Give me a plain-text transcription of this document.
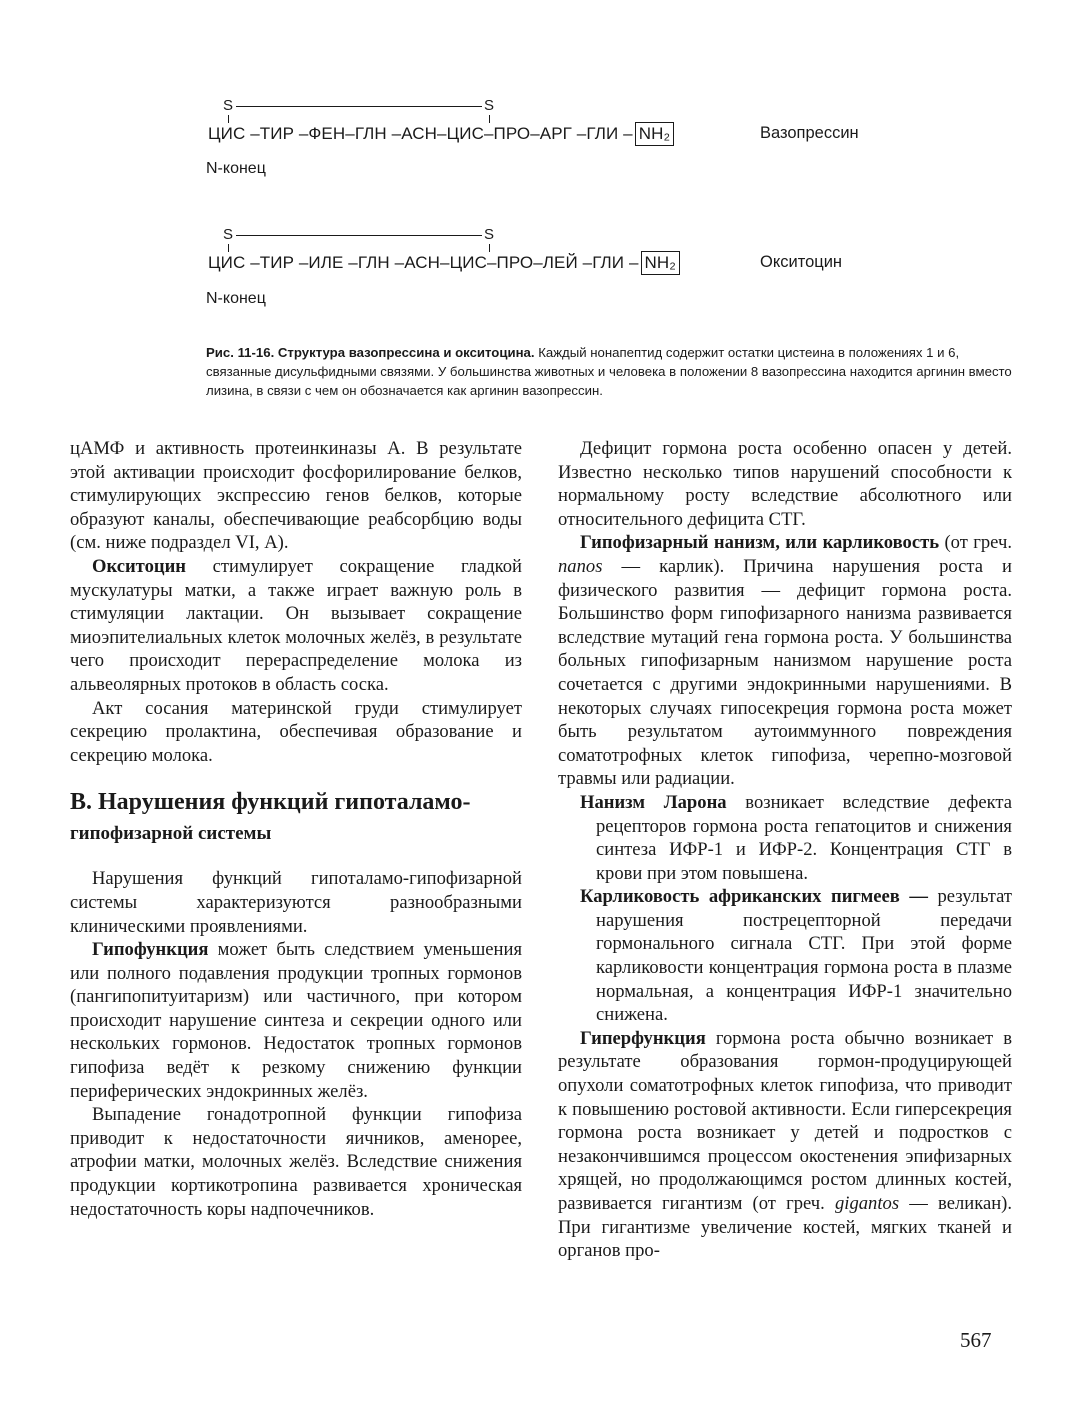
S	S
ЦИС –ТИР –ФЕН–ГЛН –АСН–ЦИС–ПРО–АРГ –ГЛИ – NH₂	Вазопрессин
N-конец
S	S
ЦИС –ТИР –ИЛЕ –ГЛН –АСН–ЦИС–ПРО–ЛЕЙ –ГЛИ – NH₂	Окситоцин
N-конец
Рис. 11-16. Структура вазопрессина и окситоцина. Каждый нонапептид содержит остатки цистеина в положениях 1 и 6, связанные дисульфидными связями. У большинства животных и человека в положении 8 вазопрессина находится аргинин вместо лизина, в связи с чем он обозначается как аргинин вазопрессин.

цАМФ и активность протеинкиназы А. В результате этой активации происходит фосфорилирование белков, стимулирующих экспрессию генов белков, которые образуют каналы, обеспечивающие реабсорбцию воды (см. ниже подраздел VI, А).

Окситоцин стимулирует сокращение гладкой мускулатуры матки, а также играет важную роль в стимуляции лактации. Он вызывает сокращение миоэпителиальных клеток молочных желёз, в результате чего происходит перераспределение молока из альвеолярных протоков в область соска.

Акт сосания материнской груди стимулирует секрецию пролактина, обеспечивая образование и секрецию молока.

В. Нарушения функций гипоталамо-
гипофизарной системы

Нарушения функций гипоталамо-гипофизарной системы характеризуются разнообразными клиническими проявлениями.

Гипофункция может быть следствием уменьшения или полного подавления продукции тропных гормонов (пангипопитуитаризм) или частичного, при котором происходит нарушение синтеза и секреции одного или нескольких гормонов. Недостаток тропных гормонов гипофиза ведёт к резкому снижению функции периферических эндокринных желёз.

Выпадение гонадотропной функции гипофиза приводит к недостаточности яичников, аменорее, атрофии матки, молочных желёз. Вследствие снижения продукции кортикотропина развивается хроническая недостаточность коры надпочечников.

Дефицит гормона роста особенно опасен у детей. Известно несколько типов нарушений способности к нормальному росту вследствие абсолютного или относительного дефицита СТГ.

Гипофизарный нанизм, или карликовость (от греч. nanos — карлик). Причина нарушения роста и физического развития — дефицит гормона роста. Большинство форм гипофизарного нанизма развивается вследствие мутаций гена гормона роста. У большинства больных гипофизарным нанизмом нарушение роста сочетается с другими эндокринными нарушениями. В некоторых случаях гипосекреция гормона роста может быть результатом аутоиммунного повреждения соматотрофных клеток гипофиза, черепно-мозговой травмы или радиации.

Нанизм Ларона возникает вследствие дефекта рецепторов гормона роста гепатоцитов и снижения синтеза ИФР-1 и ИФР-2. Концентрация СТГ в крови при этом повышена.

Карликовость африканских пигмеев — результат нарушения пострецепторной передачи гормонального сигнала СТГ. При этой форме карликовости концентрация гормона роста в плазме нормальная, а концентрация ИФР-1 значительно снижена.

Гиперфункция гормона роста обычно возникает в результате образования гормон-продуцирующей опухоли соматотрофных клеток гипофиза, что приводит к повышению ростовой активности. Если гиперсекреция гормона роста возникает у детей и подростков с незакончившимся процессом окостенения эпифизарных хрящей, но продолжающимся ростом длинных костей, развивается гигантизм (от греч. gigantos — великан). При гигантизме увеличение костей, мягких тканей и органов про-

567
